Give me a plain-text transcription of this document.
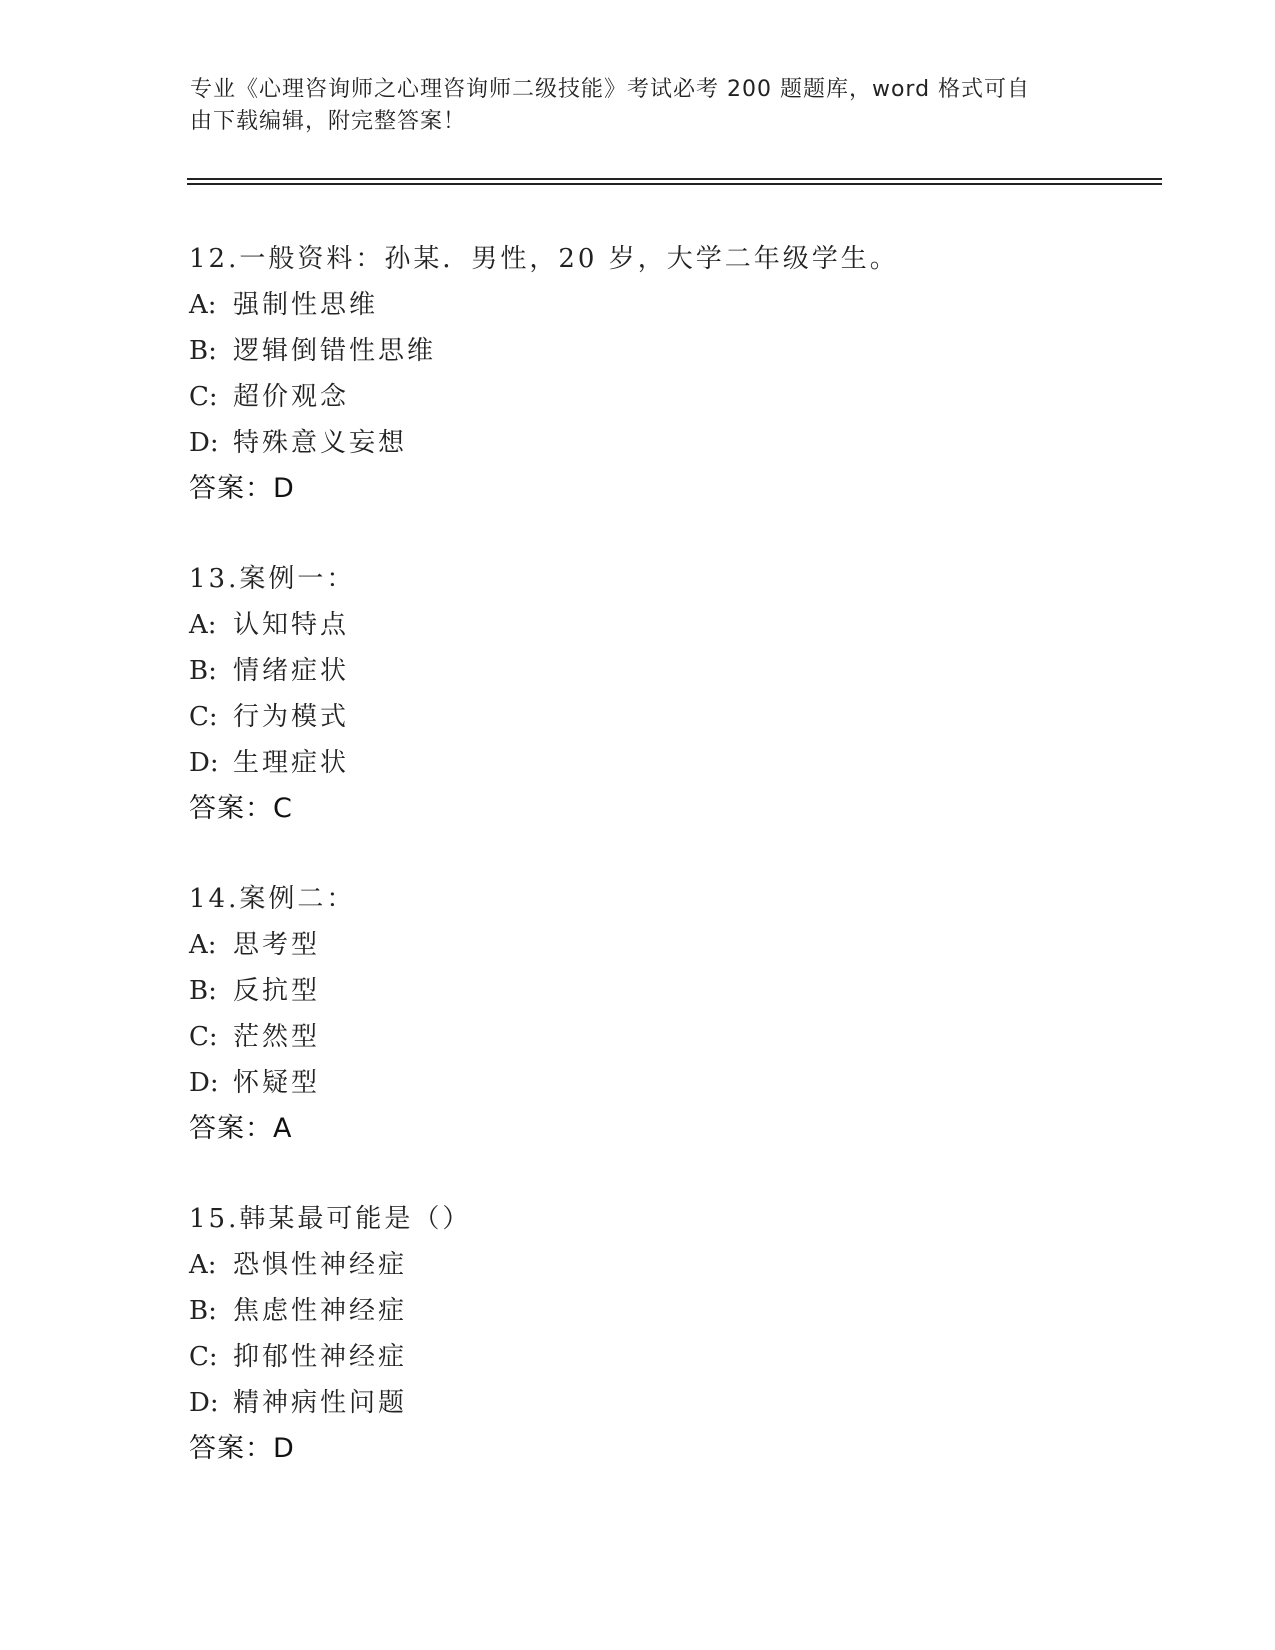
专业《心理咨询师之心理咨询师二级技能》考试必考 200 题题库，word 格式可自
由下载编辑，附完整答案！
12.一般资料：孙某．男性，20 岁，大学二年级学生。
A: 强制性思维
B: 逻辑倒错性思维
C: 超价观念
D: 特殊意义妄想
答案：D
13.案例一：
A: 认知特点
B: 情绪症状
C: 行为模式
D: 生理症状
答案：C
14.案例二：
A: 思考型
B: 反抗型
C: 茫然型
D: 怀疑型
答案：A
15.韩某最可能是（）
A: 恐惧性神经症
B: 焦虑性神经症
C: 抑郁性神经症
D: 精神病性问题
答案：D
